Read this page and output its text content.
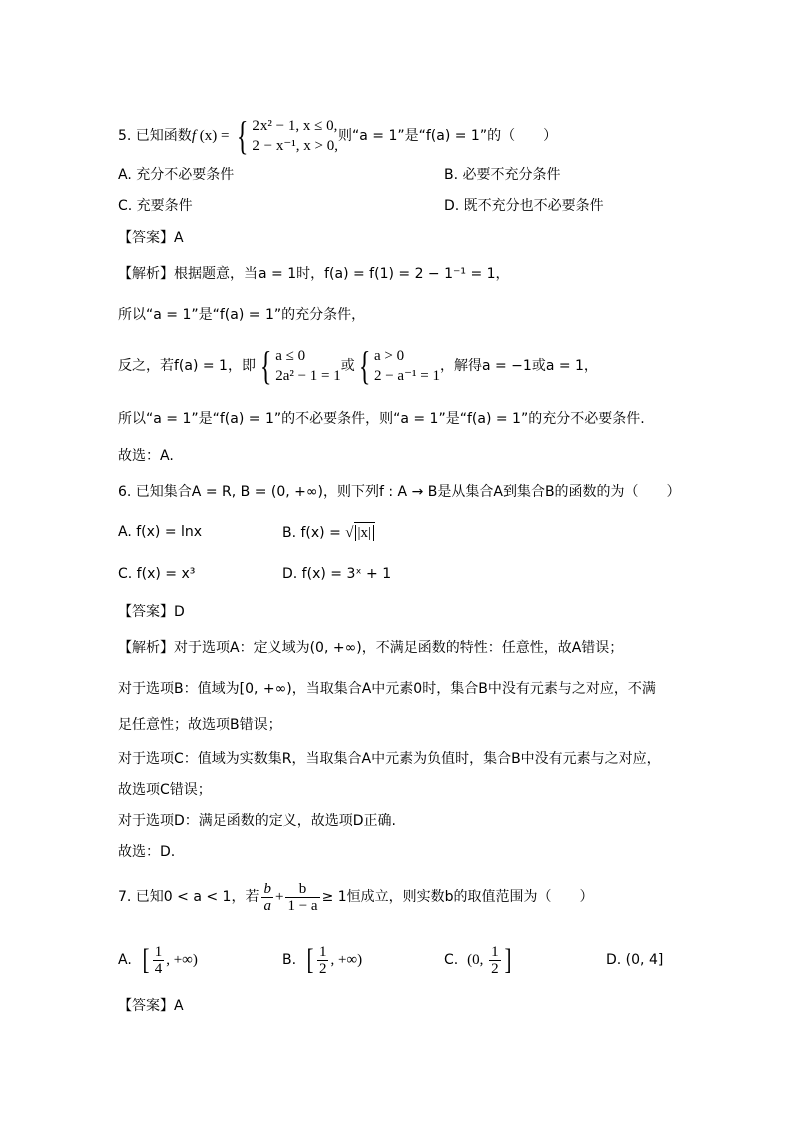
5. 已知函数f (x) = { 2x² − 1, x ≤ 0,
2 − x⁻¹, x > 0,
则“a = 1”是“f(a) = 1”的（　　）
A. 充分不必要条件	B. 必要不充分条件
C. 充要条件	D. 既不充分也不必要条件
【答案】A
【解析】根据题意，当a = 1时，f(a) = f(1) = 2 − 1⁻¹ = 1，
所以“a = 1”是“f(a) = 1”的充分条件，
反之，若f(a) = 1，即{ a ≤ 0
2a² − 1 = 1
或{ a > 0
2 − a⁻¹ = 1
，解得a = −1或a = 1，
所以“a = 1”是“f(a) = 1”的不必要条件，则“a = 1”是“f(a) = 1”的充分不必要条件.
故选：A.
6. 已知集合A = R, B = (0, +∞)，则下列f : A → B是从集合A到集合B的函数的为（　　）
A. f(x) = lnx	B. f(x) = √ |x|
C. f(x) = x³	D. f(x) = 3ˣ + 1
【答案】D
【解析】对于选项A：定义域为(0, +∞)，不满足函数的特性：任意性，故A错误；
对于选项B：值域为[0, +∞)，当取集合A中元素0时，集合B中没有元素与之对应，不满
足任意性；故选项B错误；
对于选项C：值域为实数集R，当取集合A中元素为负值时，集合B中没有元素与之对应，
故选项C错误；
对于选项D：满足函数的定义，故选项D正确.
故选：D.
7. 已知0 < a < 1，若 $\frac{b}{a} + \frac{b}{1 - a} \ge 1$恒成立，则实数b的取值范围为（　　）
A. [ $\frac{1}{4}$ , +∞)	B. [ $\frac{1}{2}$ , +∞)	C. (0, $\frac{1}{2}$ ]	D. (0, 4]
【答案】A
